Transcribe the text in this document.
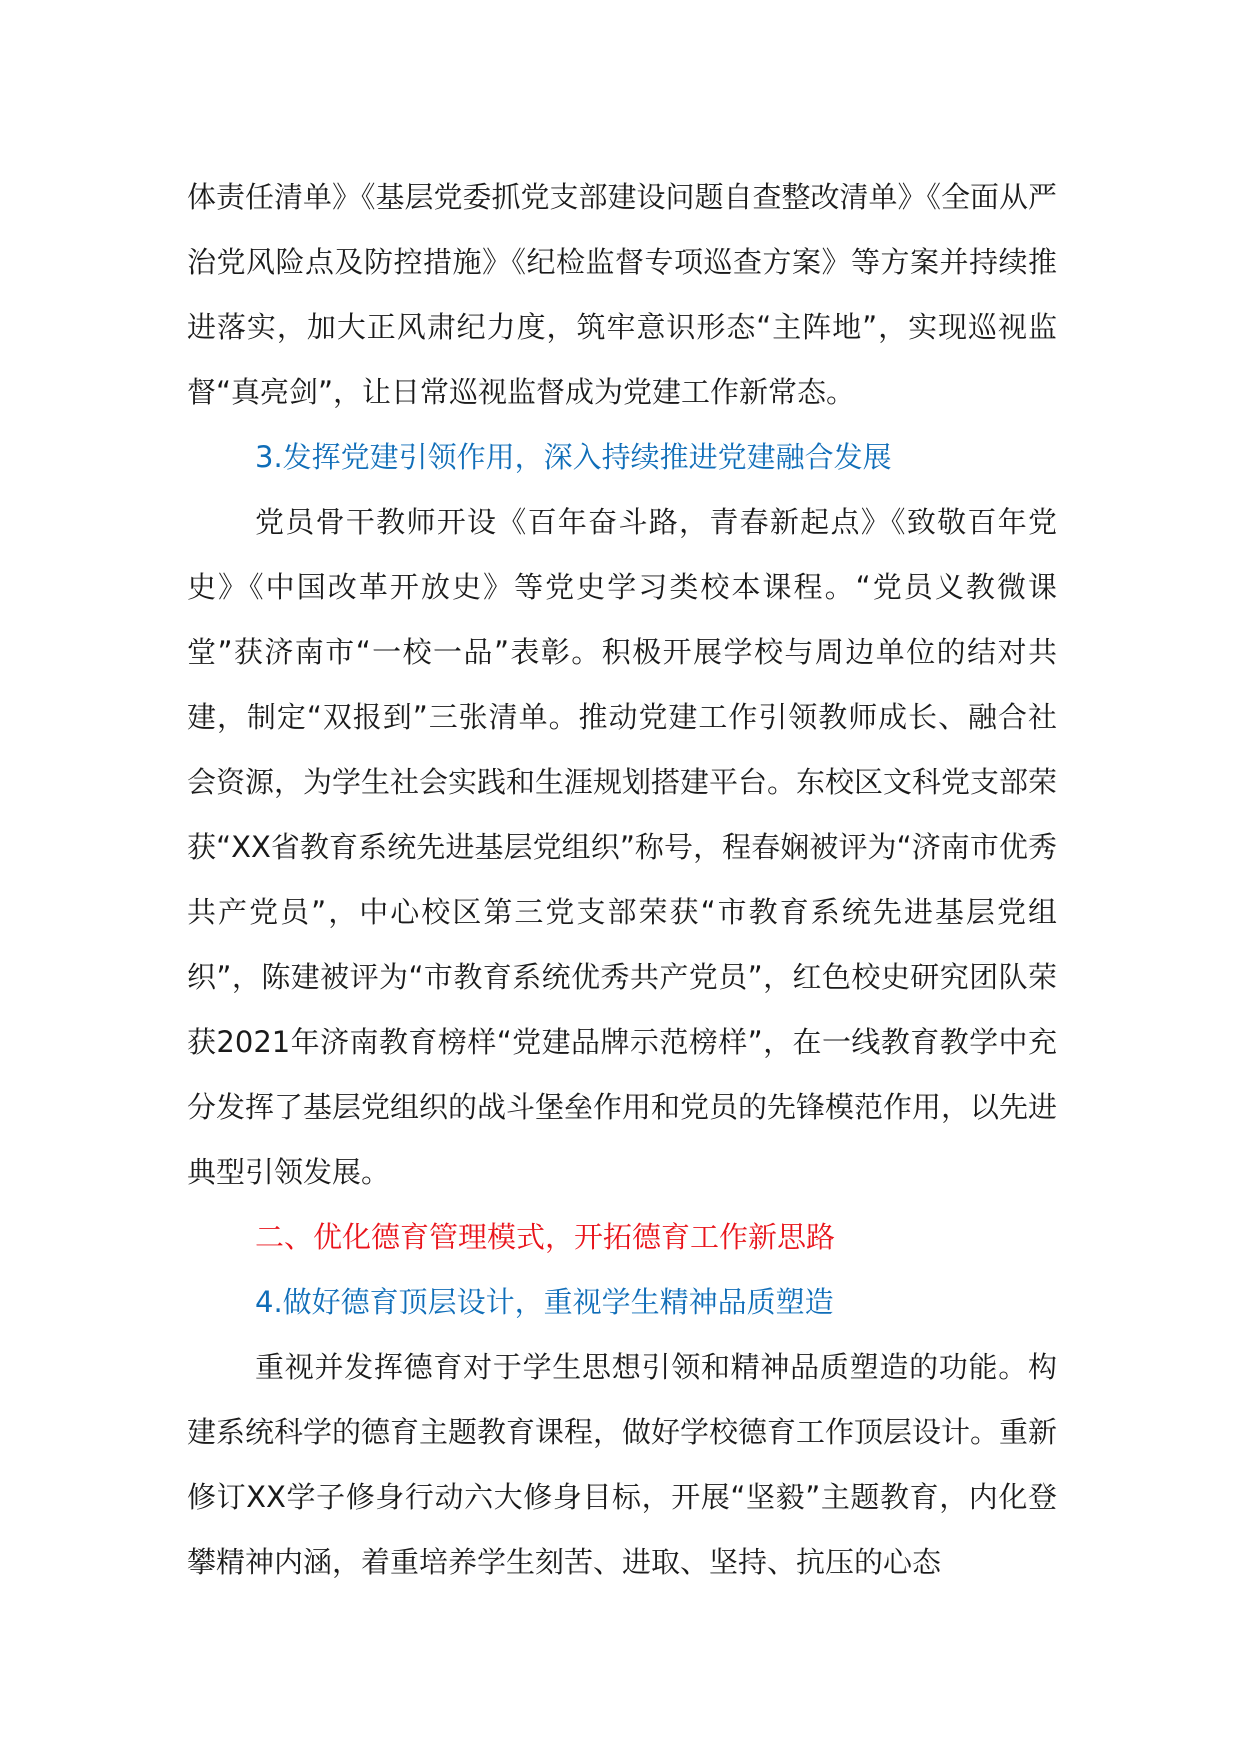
体责任清单》《基层党委抓党支部建设问题自查整改清单》《全面从严治党风险点及防控措施》《纪检监督专项巡查方案》等方案并持续推进落实，加大正风肃纪力度，筑牢意识形态“主阵地”，实现巡视监督“真亮剑”，让日常巡视监督成为党建工作新常态。

3.发挥党建引领作用，深入持续推进党建融合发展

党员骨干教师开设《百年奋斗路，青春新起点》《致敬百年党史》《中国改革开放史》等党史学习类校本课程。“党员义教微课堂”获济南市“一校一品”表彰。积极开展学校与周边单位的结对共建，制定“双报到”三张清单。推动党建工作引领教师成长、融合社会资源，为学生社会实践和生涯规划搭建平台。东校区文科党支部荣获“XX省教育系统先进基层党组织”称号，程春娴被评为“济南市优秀共产党员”，中心校区第三党支部荣获“市教育系统先进基层党组织”，陈建被评为“市教育系统优秀共产党员”，红色校史研究团队荣获2021年济南教育榜样“党建品牌示范榜样”，在一线教育教学中充分发挥了基层党组织的战斗堡垒作用和党员的先锋模范作用，以先进典型引领发展。

二、优化德育管理模式，开拓德育工作新思路

4.做好德育顶层设计，重视学生精神品质塑造

重视并发挥德育对于学生思想引领和精神品质塑造的功能。构建系统科学的德育主题教育课程，做好学校德育工作顶层设计。重新修订XX学子修身行动六大修身目标，开展“坚毅”主题教育，内化登攀精神内涵，着重培养学生刻苦、进取、坚持、抗压的心态
